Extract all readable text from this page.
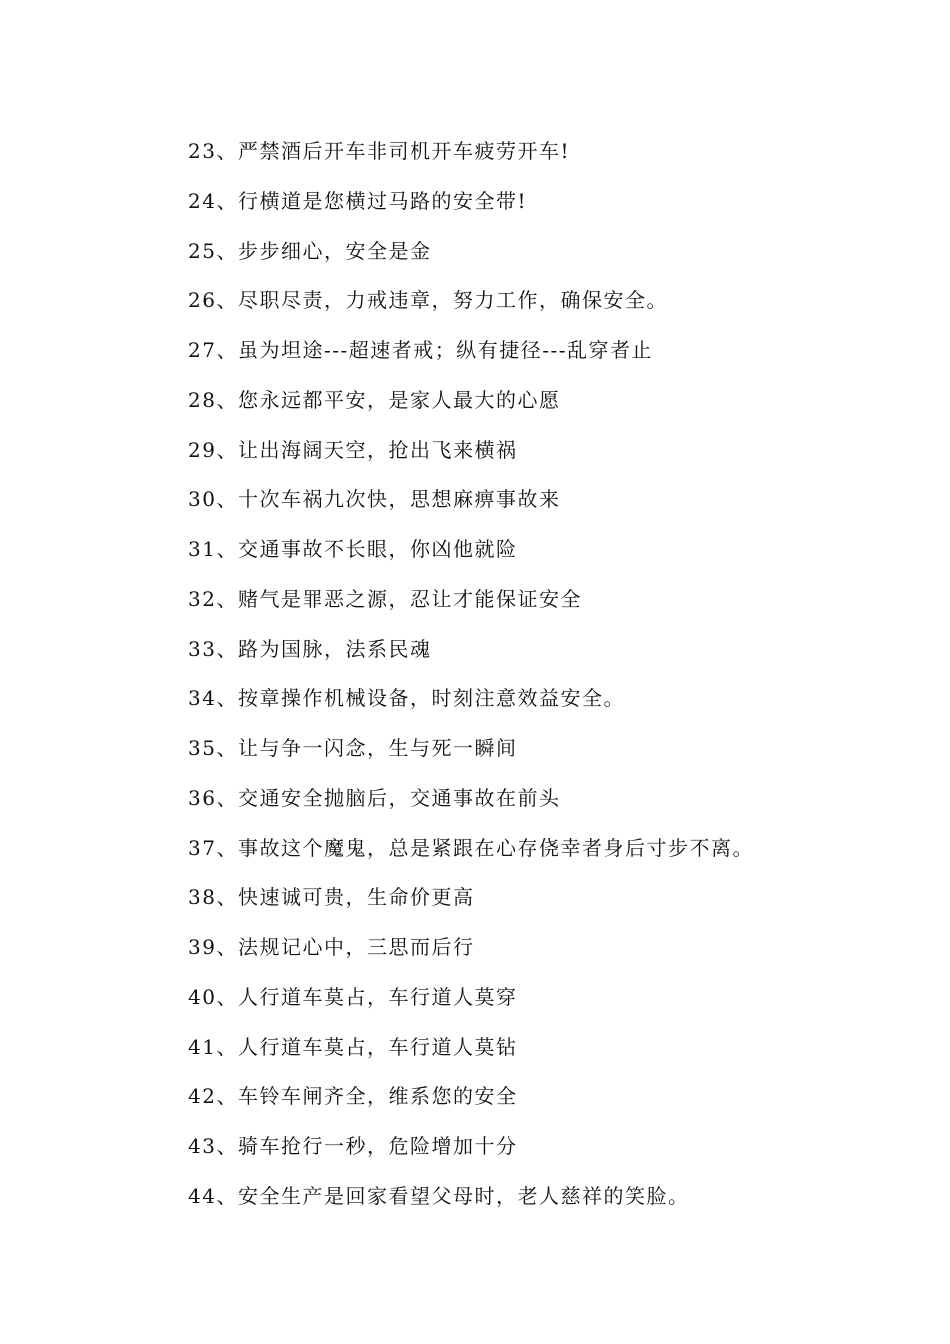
23、严禁酒后开车非司机开车疲劳开车!
24、行横道是您横过马路的安全带!
25、步步细心，安全是金
26、尽职尽责，力戒违章，努力工作，确保安全。
27、虽为坦途---超速者戒；纵有捷径---乱穿者止
28、您永远都平安，是家人最大的心愿
29、让出海阔天空，抢出飞来横祸
30、十次车祸九次快，思想麻痹事故来
31、交通事故不长眼，你凶他就险
32、赌气是罪恶之源，忍让才能保证安全
33、路为国脉，法系民魂
34、按章操作机械设备，时刻注意效益安全。
35、让与争一闪念，生与死一瞬间
36、交通安全抛脑后，交通事故在前头
37、事故这个魔鬼，总是紧跟在心存侥幸者身后寸步不离。
38、快速诚可贵，生命价更高
39、法规记心中，三思而后行
40、人行道车莫占，车行道人莫穿
41、人行道车莫占，车行道人莫钻
42、车铃车闸齐全，维系您的安全
43、骑车抢行一秒，危险增加十分
44、安全生产是回家看望父母时，老人慈祥的笑脸。
